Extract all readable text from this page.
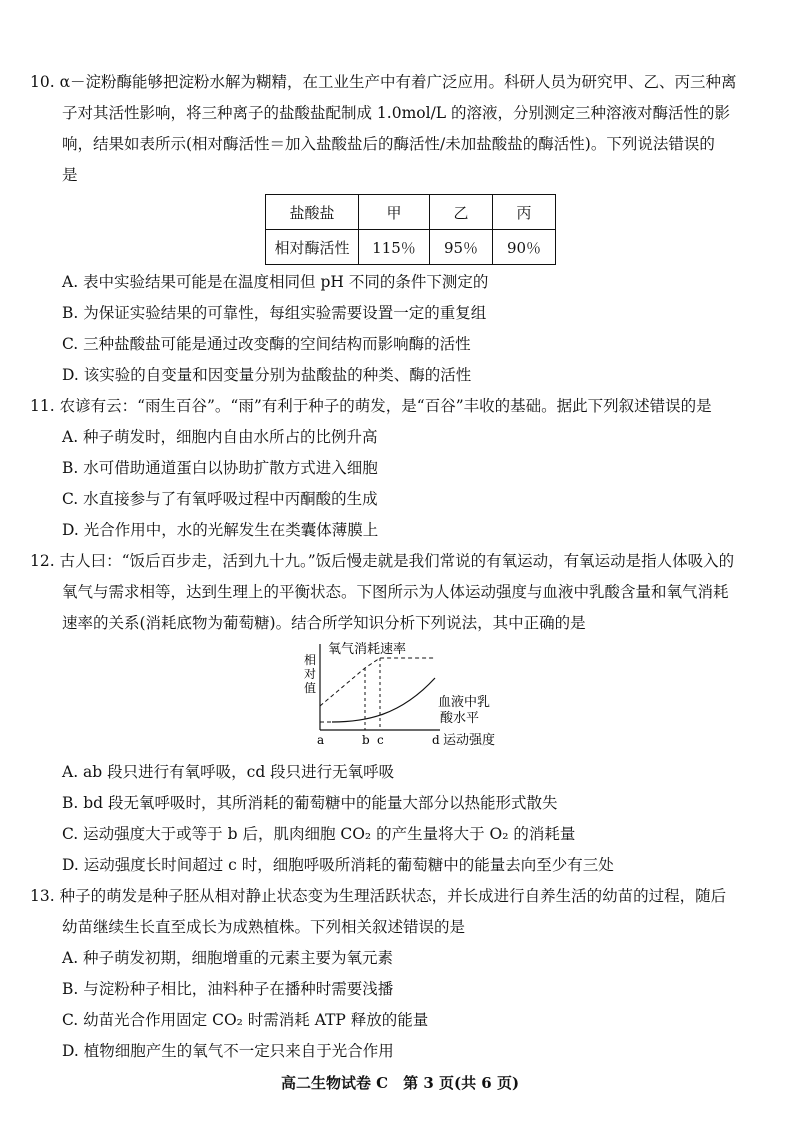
10. α－淀粉酶能够把淀粉水解为糊精，在工业生产中有着广泛应用。科研人员为研究甲、乙、丙三种离
子对其活性影响，将三种离子的盐酸盐配制成 1.0mol/L 的溶液，分别测定三种溶液对酶活性的影
响，结果如表所示(相对酶活性＝加入盐酸盐后的酶活性/未加盐酸盐的酶活性)。下列说法错误的
是
盐酸盐	甲	乙	丙
相对酶活性	115％	95％	90％
A. 表中实验结果可能是在温度相同但 pH 不同的条件下测定的
B. 为保证实验结果的可靠性，每组实验需要设置一定的重复组
C. 三种盐酸盐可能是通过改变酶的空间结构而影响酶的活性
D. 该实验的自变量和因变量分别为盐酸盐的种类、酶的活性
11. 农谚有云：“雨生百谷”。“雨”有利于种子的萌发，是“百谷”丰收的基础。据此下列叙述错误的是
A. 种子萌发时，细胞内自由水所占的比例升高
B. 水可借助通道蛋白以协助扩散方式进入细胞
C. 水直接参与了有氧呼吸过程中丙酮酸的生成
D. 光合作用中，水的光解发生在类囊体薄膜上
12. 古人曰：“饭后百步走，活到九十九。”饭后慢走就是我们常说的有氧运动，有氧运动是指人体吸入的
氧气与需求相等，达到生理上的平衡状态。下图所示为人体运动强度与血液中乳酸含量和氧气消耗
速率的关系(消耗底物为葡萄糖)。结合所学知识分析下列说法，其中正确的是
氧气消耗速率
血液中乳
酸水平
相
对
值
a	b c	d 运动强度
A. ab 段只进行有氧呼吸，cd 段只进行无氧呼吸
B. bd 段无氧呼吸时，其所消耗的葡萄糖中的能量大部分以热能形式散失
C. 运动强度大于或等于 b 后，肌肉细胞 CO₂ 的产生量将大于 O₂ 的消耗量
D. 运动强度长时间超过 c 时，细胞呼吸所消耗的葡萄糖中的能量去向至少有三处
13. 种子的萌发是种子胚从相对静止状态变为生理活跃状态，并长成进行自养生活的幼苗的过程，随后
幼苗继续生长直至成长为成熟植株。下列相关叙述错误的是
A. 种子萌发初期，细胞增重的元素主要为氧元素
B. 与淀粉种子相比，油料种子在播种时需要浅播
C. 幼苗光合作用固定 CO₂ 时需消耗 ATP 释放的能量
D. 植物细胞产生的氧气不一定只来自于光合作用
高二生物试卷 C　第 3 页(共 6 页)
